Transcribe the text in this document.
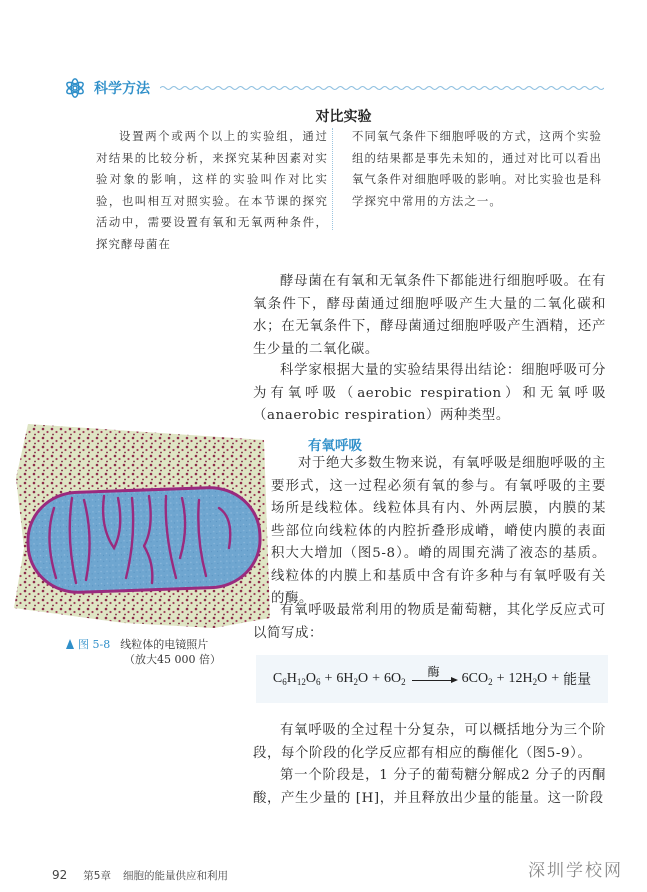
科学方法
对比实验
设置两个或两个以上的实验组，通过对结果的比较分析，来探究某种因素对实验对象的影响，这样的实验叫作对比实验，也叫相互对照实验。在本节课的探究活动中，需要设置有氧和无氧两种条件，探究酵母菌在
不同氧气条件下细胞呼吸的方式，这两个实验组的结果都是事先未知的，通过对比可以看出氧气条件对细胞呼吸的影响。对比实验也是科学探究中常用的方法之一。
酵母菌在有氧和无氧条件下都能进行细胞呼吸。在有氧条件下，酵母菌通过细胞呼吸产生大量的二氧化碳和水；在无氧条件下，酵母菌通过细胞呼吸产生酒精，还产生少量的二氧化碳。
科学家根据大量的实验结果得出结论：细胞呼吸可分为有氧呼吸（aerobic respiration）和无氧呼吸（anaerobic respiration）两种类型。
有氧呼吸
对于绝大多数生物来说，有氧呼吸是细胞呼吸的主要形式，这一过程必须有氧的参与。有氧呼吸的主要场所是线粒体。线粒体具有内、外两层膜，内膜的某些部位向线粒体的内腔折叠形成嵴，嵴使内膜的表面积大大增加（图5-8）。嵴的周围充满了液态的基质。线粒体的内膜上和基质中含有许多种与有氧呼吸有关的酶。
有氧呼吸最常利用的物质是葡萄糖，其化学反应式可以简写成：
$C_6H_{12}O_6 + 6H_2O + 6O_2$
酶 $6CO_2 + 12H_2O$ + 能量
有氧呼吸的全过程十分复杂，可以概括地分为三个阶段，每个阶段的化学反应都有相应的酶催化（图5-9）。
第一个阶段是，1 分子的葡萄糖分解成2 分子的丙酮酸，产生少量的 [H]，并且释放出少量的能量。这一阶段
图 5-8 线粒体的电镜照片
（放大45 000 倍）
92 第5章 细胞的能量供应和利用	深圳学校网
